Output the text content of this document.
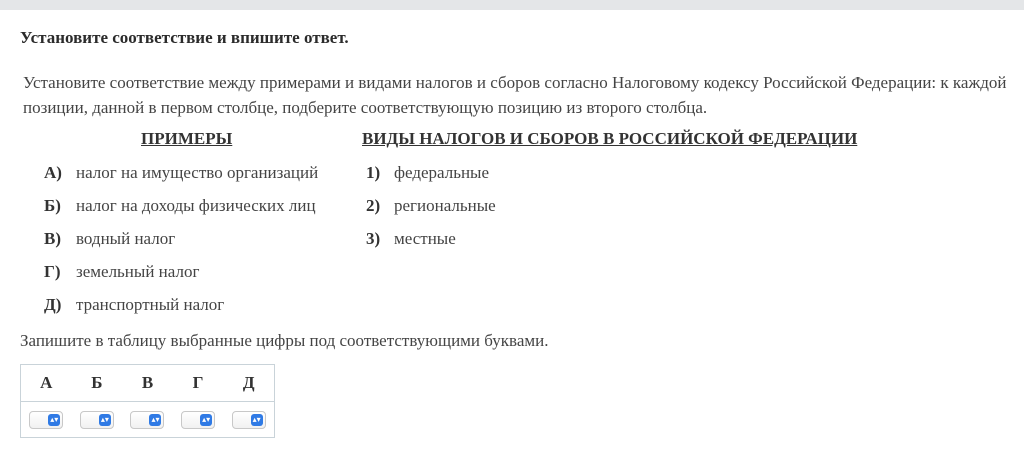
Установите соответствие и впишите ответ.
Установите соответствие между примерами и видами налогов и сборов согласно Налоговому кодексу Российской Федерации: к каждой позиции, данной в первом столбце, подберите соответствующую позицию из второго столбца.
ПРИМЕРЫ	ВИДЫ НАЛОГОВ И СБОРОВ В РОССИЙСКОЙ ФЕДЕРАЦИИ
А) налог на имущество организаций
Б) налог на доходы физических лиц
В) водный налог
Г) земельный налог
Д) транспортный налог
1) федеральные
2) региональные
3) местные
Запишите в таблицу выбранные цифры под соответствующими буквами.
А	Б	В	Г	Д
▴▾	▴▾	▴▾	▴▾	▴▾
